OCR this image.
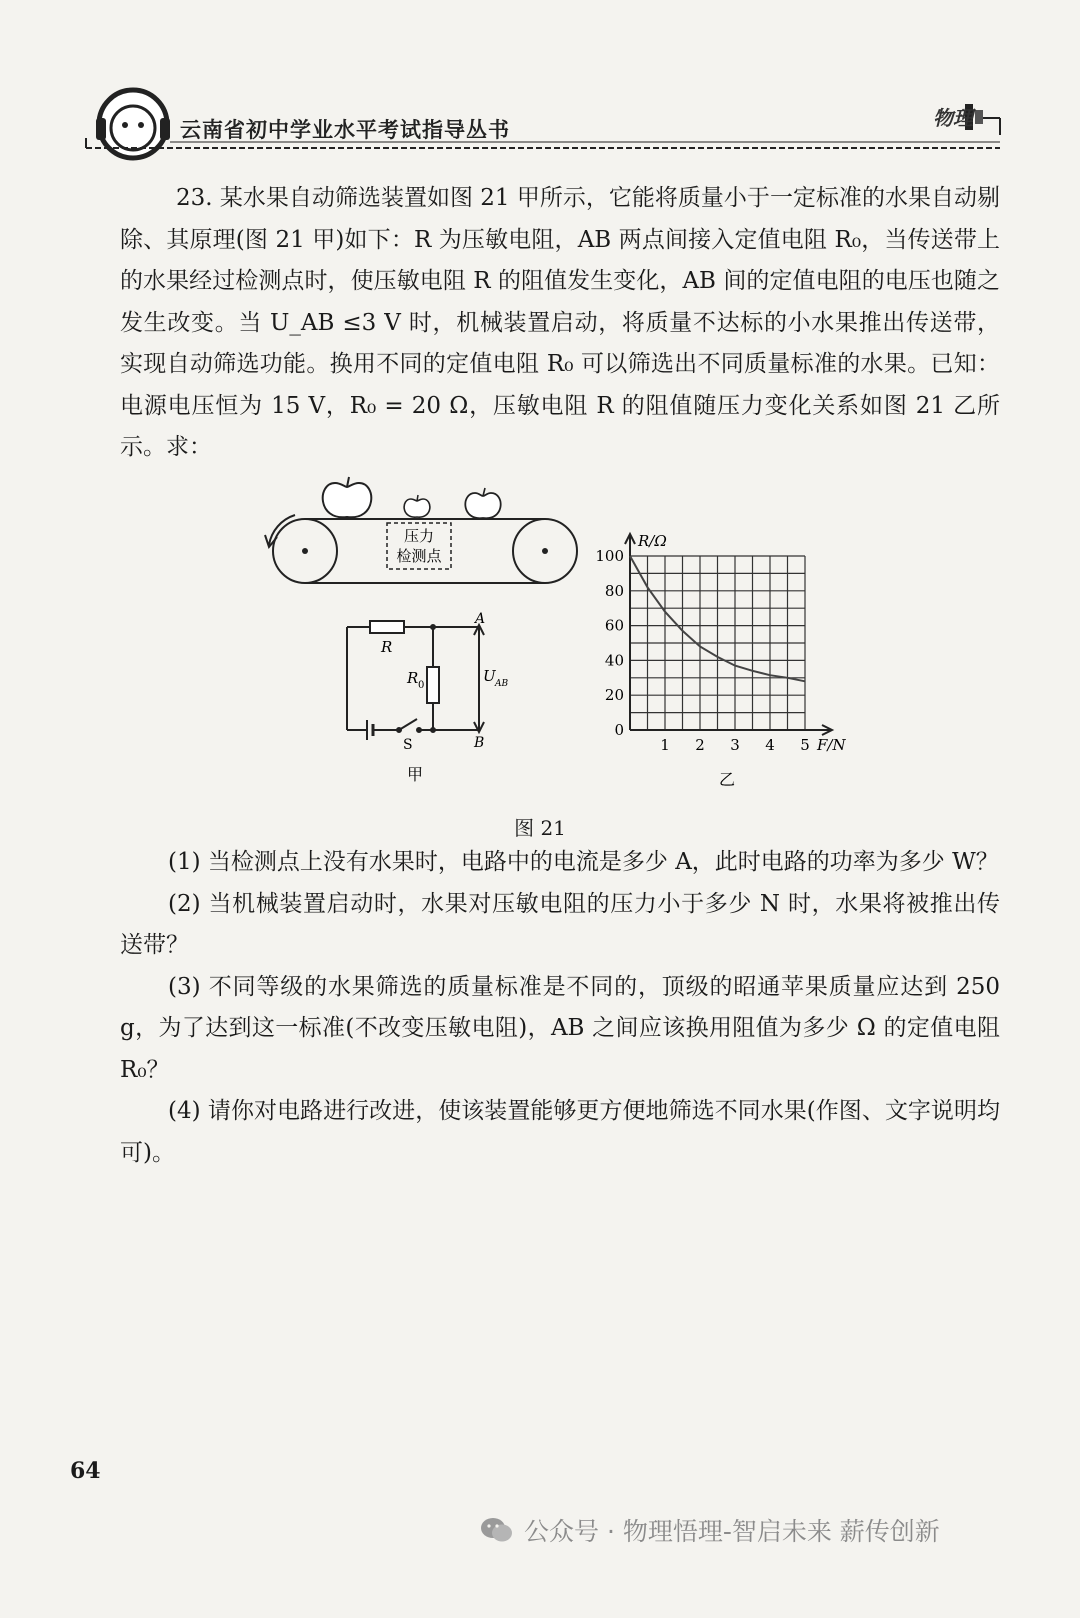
云南省初中学业水平考试指导丛书	物理

23. 某水果自动筛选装置如图 21 甲所示，它能将质量小于一定标准的水果自动剔除、其原理(图 21 甲)如下：R 为压敏电阻，AB 两点间接入定值电阻 R₀，当传送带上的水果经过检测点时，使压敏电阻 R 的阻值发生变化，AB 间的定值电阻的电压也随之发生改变。当 U_AB ≤3 V 时，机械装置启动，将质量不达标的小水果推出传送带，实现自动筛选功能。换用不同的定值电阻 R₀ 可以筛选出不同质量标准的水果。已知：电源电压恒为 15 V，R₀ = 20 Ω，压敏电阻 R 的阻值随压力变化关系如图 21 乙所示。求：

压力
检测点
R
R 0
U AB
A
B
S
甲
1 2 3 4 5
0
20
40
60
80
100
F/N
R/Ω
乙
图 21

(1) 当检测点上没有水果时，电路中的电流是多少 A，此时电路的功率为多少 W？

(2) 当机械装置启动时，水果对压敏电阻的压力小于多少 N 时，水果将被推出传送带？

(3) 不同等级的水果筛选的质量标准是不同的，顶级的昭通苹果质量应达到 250 g，为了达到这一标准(不改变压敏电阻)，AB 之间应该换用阻值为多少 Ω 的定值电阻 R₀？

(4) 请你对电路进行改进，使该装置能够更方便地筛选不同水果(作图、文字说明均可)。

64
公众号 · 物理悟理-智启未来 薪传创新
